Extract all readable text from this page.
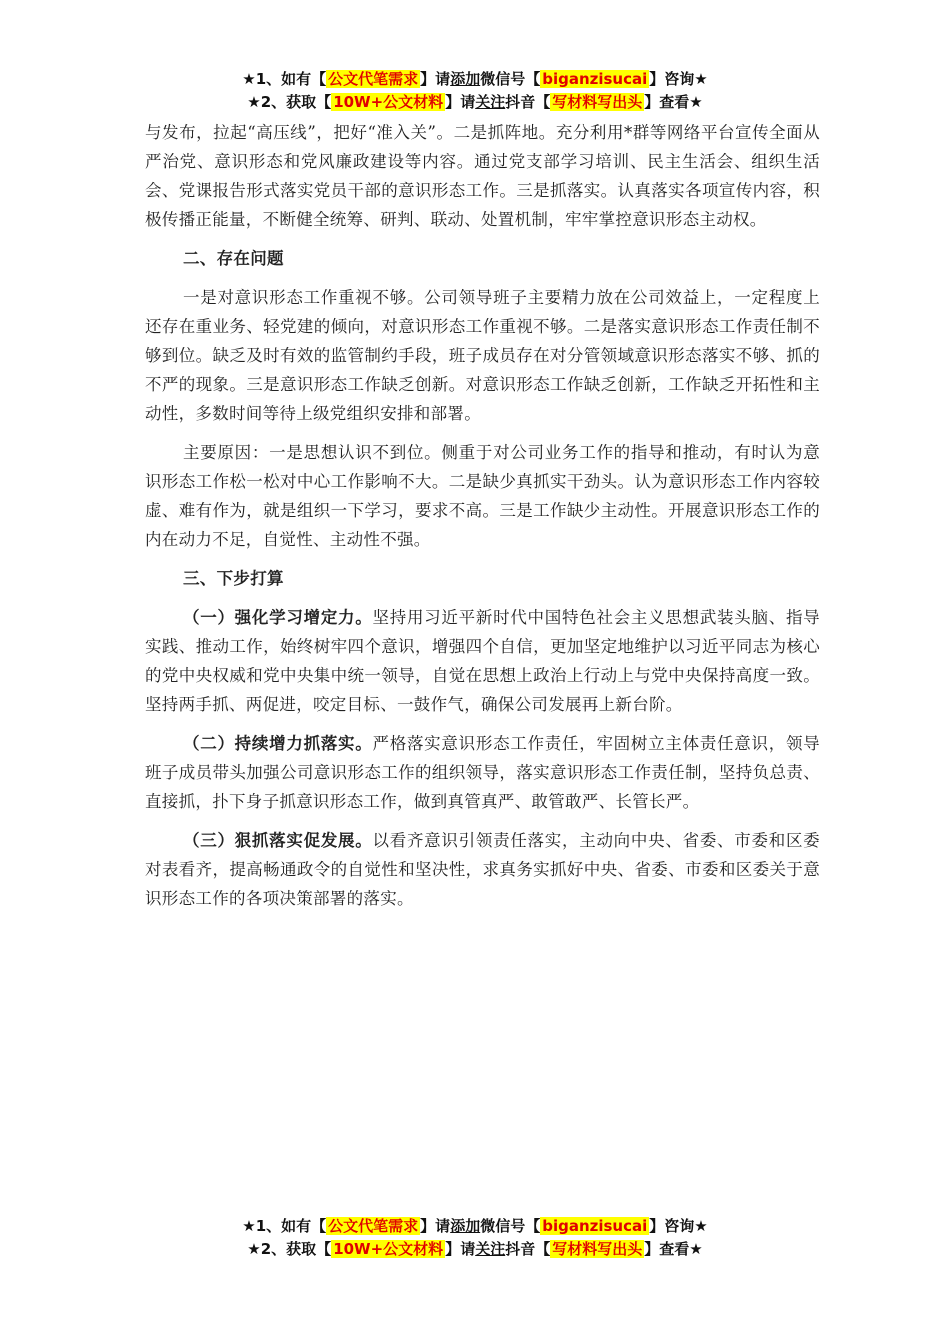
★1、如有【 公文代笔需求 】请添加微信号【 biganzisucai 】咨询★
★2、获取【 10W+公文材料 】请关注抖音【 写材料写出头 】查看★

与发布，拉起“高压线”，把好“准入关”。二是抓阵地。充分利用*群等网络平台宣传全面从严治党、意识形态和党风廉政建设等内容。通过党支部学习培训、民主生活会、组织生活会、党课报告形式落实党员干部的意识形态工作。三是抓落实。认真落实各项宣传内容，积极传播正能量，不断健全统筹、研判、联动、处置机制，牢牢掌控意识形态主动权。

二、存在问题

一是对意识形态工作重视不够。公司领导班子主要精力放在公司效益上，一定程度上还存在重业务、轻党建的倾向，对意识形态工作重视不够。二是落实意识形态工作责任制不够到位。缺乏及时有效的监管制约手段，班子成员存在对分管领域意识形态落实不够、抓的不严的现象。三是意识形态工作缺乏创新。对意识形态工作缺乏创新，工作缺乏开拓性和主动性，多数时间等待上级党组织安排和部署。

主要原因：一是思想认识不到位。侧重于对公司业务工作的指导和推动，有时认为意识形态工作松一松对中心工作影响不大。二是缺少真抓实干劲头。认为意识形态工作内容较虚、难有作为，就是组织一下学习，要求不高。三是工作缺少主动性。开展意识形态工作的内在动力不足，自觉性、主动性不强。

三、下步打算

（一）强化学习增定力。坚持用习近平新时代中国特色社会主义思想武装头脑、指导实践、推动工作，始终树牢四个意识，增强四个自信，更加坚定地维护以习近平同志为核心的党中央权威和党中央集中统一领导，自觉在思想上政治上行动上与党中央保持高度一致。坚持两手抓、两促进，咬定目标、一鼓作气，确保公司发展再上新台阶。

（二）持续增力抓落实。严格落实意识形态工作责任，牢固树立主体责任意识，领导班子成员带头加强公司意识形态工作的组织领导，落实意识形态工作责任制，坚持负总责、直接抓，扑下身子抓意识形态工作，做到真管真严、敢管敢严、长管长严。

（三）狠抓落实促发展。以看齐意识引领责任落实，主动向中央、省委、市委和区委对表看齐，提高畅通政令的自觉性和坚决性，求真务实抓好中央、省委、市委和区委关于意识形态工作的各项决策部署的落实。

★1、如有【 公文代笔需求 】请添加微信号【 biganzisucai 】咨询★
★2、获取【 10W+公文材料 】请关注抖音【 写材料写出头 】查看★
